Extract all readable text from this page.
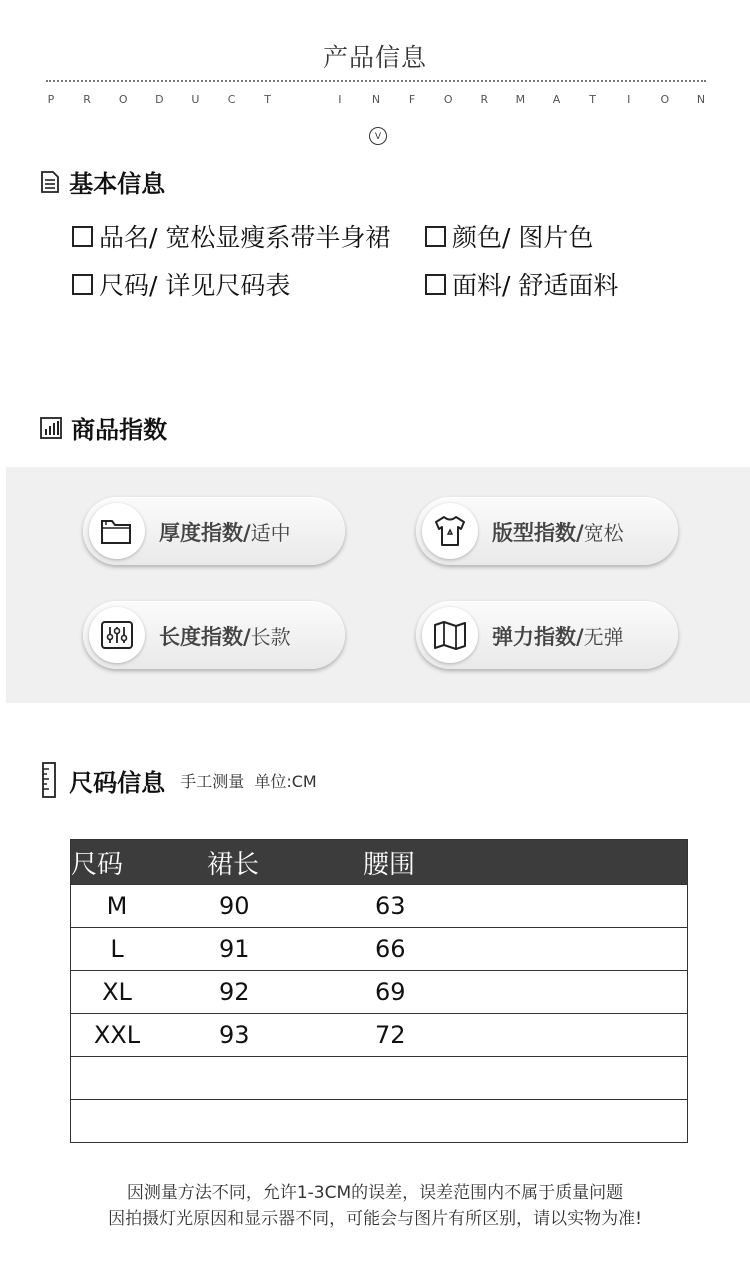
产品信息
P	R	O	D	U	C	T	I	N	F	O	R	M	A	T	I	O	N
V
基本信息
品名/ 宽松显瘦系带半身裙	颜色/ 图片色
尺码/ 详见尺码表	面料/ 舒适面料
商品指数
厚度指数/适中	版型指数/宽松
长度指数/长款	弹力指数/无弹
尺码信息 手工测量  单位:CM
尺码	裙长	腰围	
M	90	63	
L	91	66	
XL	92	69	
XXL	93	72	

因测量方法不同，允许1-3CM的误差，误差范围内不属于质量问题
因拍摄灯光原因和显示器不同，可能会与图片有所区别，请以实物为准!
